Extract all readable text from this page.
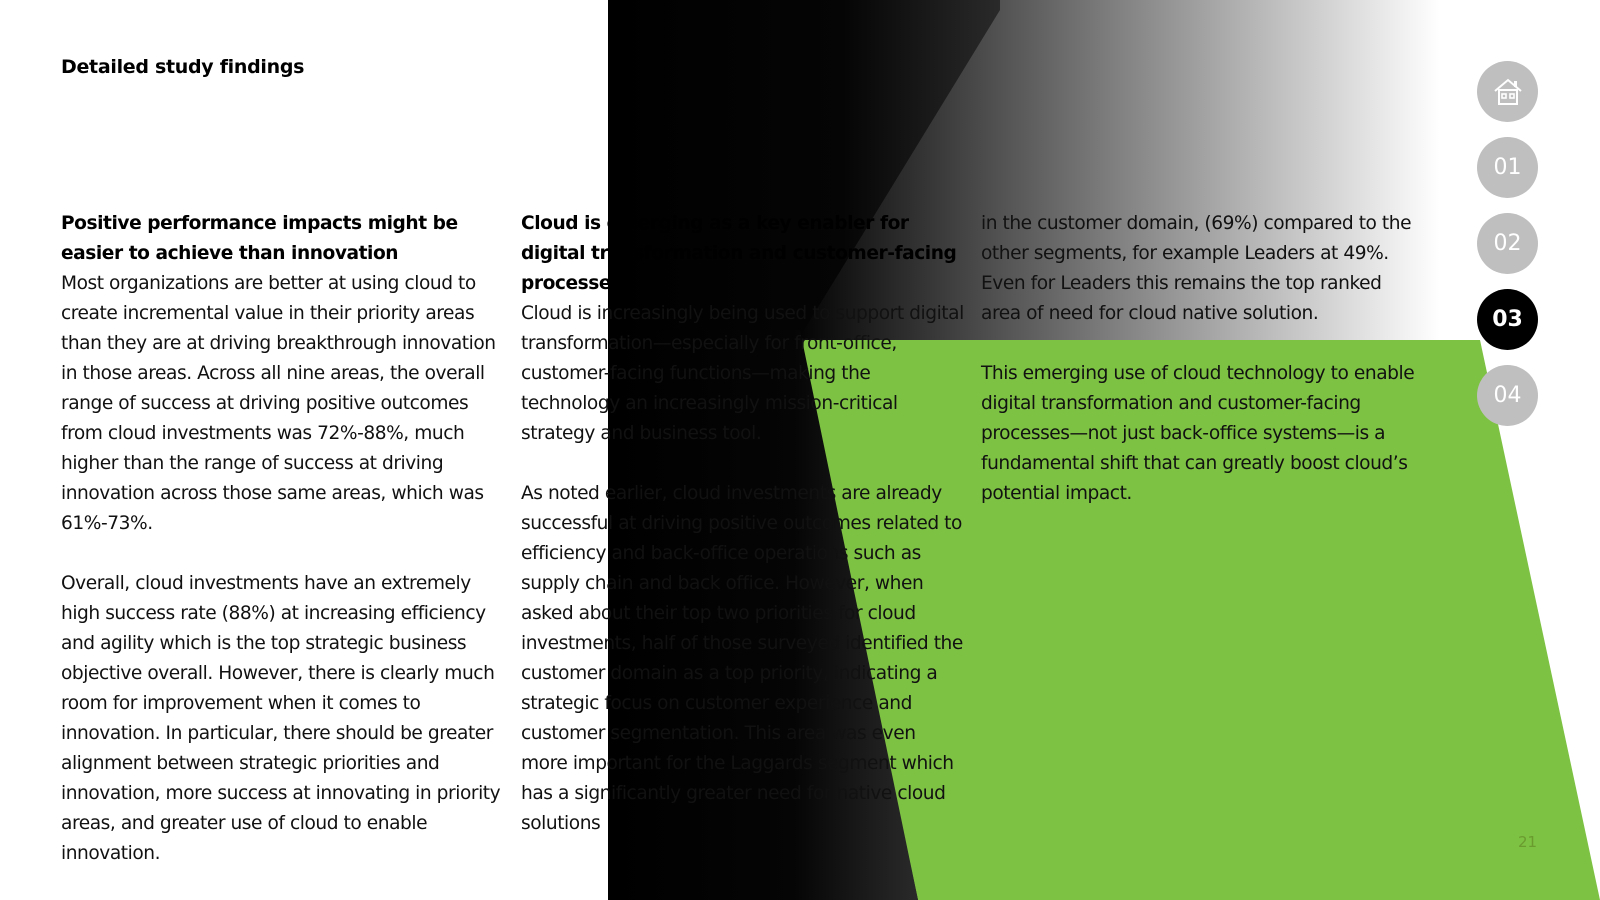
Detailed study findings

Positive performance impacts might be easier to achieve than innovation
Most organizations are better at using cloud to create incremental value in their priority areas than they are at driving breakthrough innovation in those areas. Across all nine areas, the overall range of success at driving positive outcomes from cloud investments was 72%-88%, much higher than the range of success at driving innovation across those same areas, which was 61%-73%.

Overall, cloud investments have an extremely high success rate (88%) at increasing efficiency and agility which is the top strategic business objective overall. However, there is clearly much room for improvement when it comes to innovation. In particular, there should be greater alignment between strategic priorities and innovation, more success at innovating in priority areas, and greater use of cloud to enable innovation.

Cloud is emerging as a key enabler for digital transformation and customer-facing processes
Cloud is increasingly being used to support digital transformation—especially for front-office, customer-facing functions—making the technology an increasingly mission-critical strategy and business tool.

As noted earlier, cloud investments are already successful at driving positive outcomes related to efficiency and back-office operations such as supply chain and back office. However, when asked about their top two priorities for cloud investments, half of those surveyed identified the customer domain as a top priority, indicating a strategic focus on customer experience and customer segmentation. This area was even more important for the Laggards segment which has a significantly greater need for native cloud solutions

in the customer domain, (69%) compared to the other segments, for example Leaders at 49%. Even for Leaders this remains the top ranked area of need for cloud native solution.

This emerging use of cloud technology to enable digital transformation and customer-facing processes—not just back-office systems—is a fundamental shift that can greatly boost cloud’s potential impact.

01
02
03
04
21
